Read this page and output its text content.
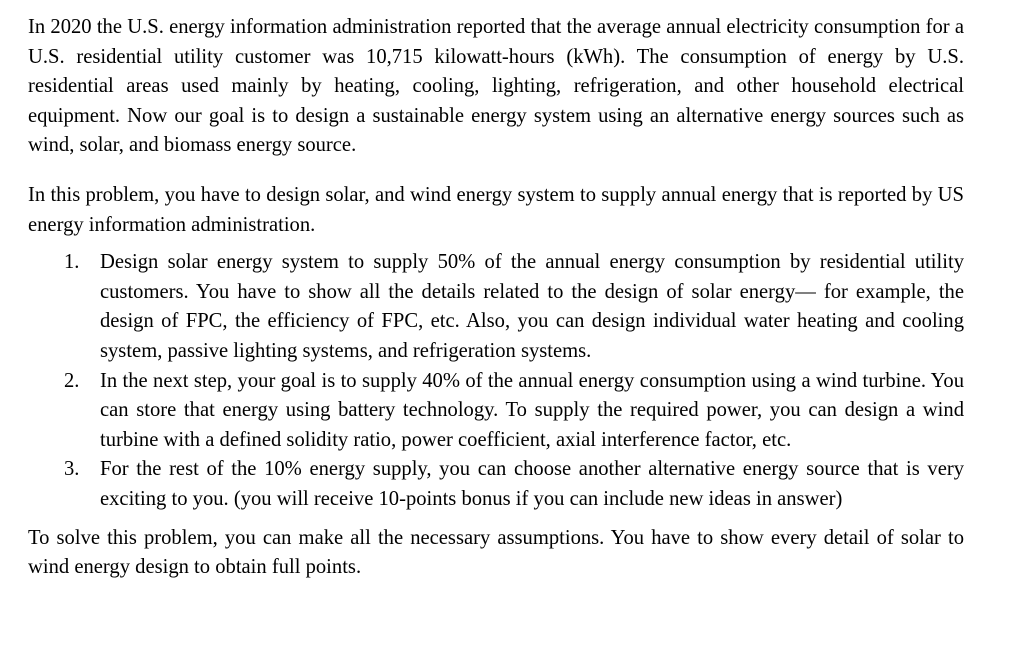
In 2020 the U.S. energy information administration reported that the average annual electricity consumption for a U.S. residential utility customer was 10,715 kilowatt-hours (kWh). The consumption of energy by U.S. residential areas used mainly by heating, cooling, lighting, refrigeration, and other household electrical equipment. Now our goal is to design a sustainable energy system using an alternative energy sources such as wind, solar, and biomass energy source.

In this problem, you have to design solar, and wind energy system to supply annual energy that is reported by US energy information administration.

1. Design solar energy system to supply 50% of the annual energy consumption by residential utility customers. You have to show all the details related to the design of solar energy— for example, the design of FPC, the efficiency of FPC, etc. Also, you can design individual water heating and cooling system, passive lighting systems, and refrigeration systems.
2. In the next step, your goal is to supply 40% of the annual energy consumption using a wind turbine. You can store that energy using battery technology. To supply the required power, you can design a wind turbine with a defined solidity ratio, power coefficient, axial interference factor, etc.
3. For the rest of the 10% energy supply, you can choose another alternative energy source that is very exciting to you. (you will receive 10-points bonus if you can include new ideas in answer)

To solve this problem, you can make all the necessary assumptions. You have to show every detail of solar to wind energy design to obtain full points.
